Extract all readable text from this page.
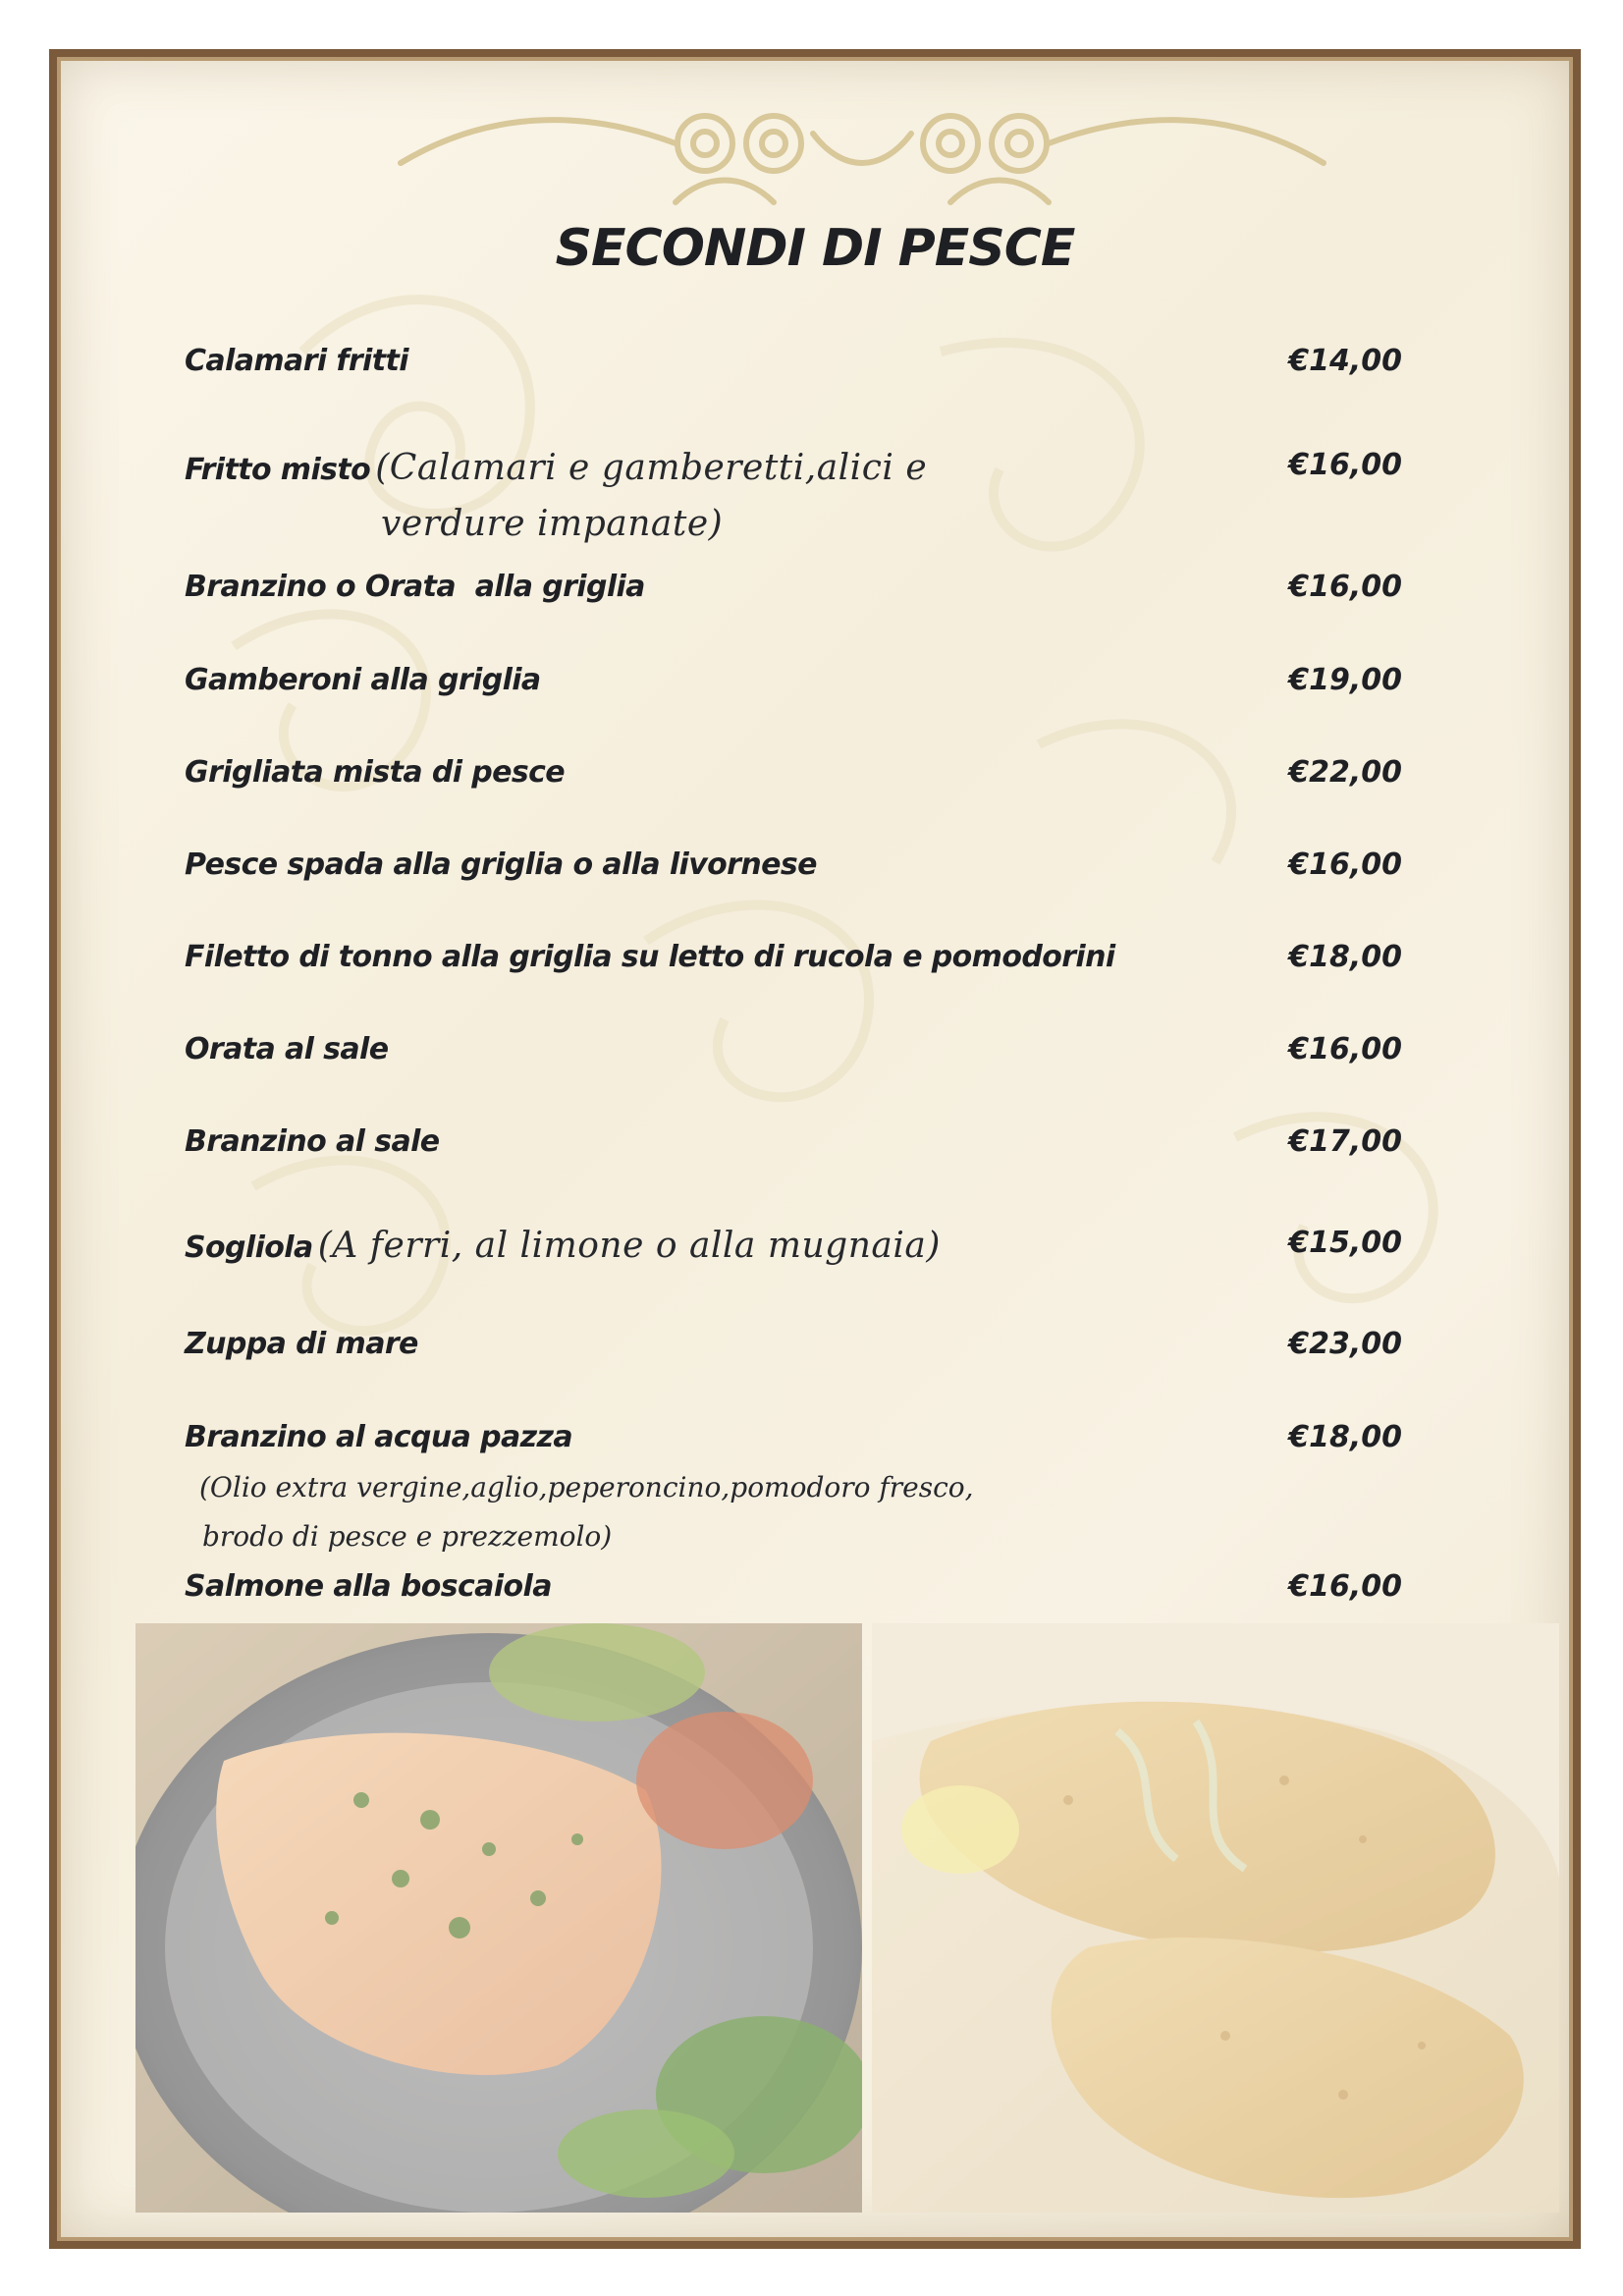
SECONDI DI PESCE
Calamari fritti	€14,00
Fritto misto (Calamari e gamberetti,alici e	€16,00
verdure impanate)
Branzino o Orata  alla griglia	€16,00
Gamberoni alla griglia	€19,00
Grigliata mista di pesce	€22,00
Pesce spada alla griglia o alla livornese	€16,00
Filetto di tonno alla griglia su letto di rucola e pomodorini	€18,00
Orata al sale	€16,00
Branzino al sale	€17,00
Sogliola (A ferri, al limone o alla mugnaia)	€15,00
Zuppa di mare	€23,00
Branzino al acqua pazza	€18,00
(Olio extra vergine,aglio,peperoncino,pomodoro fresco,
brodo di pesce e prezzemolo)
Salmone alla boscaiola	€16,00
